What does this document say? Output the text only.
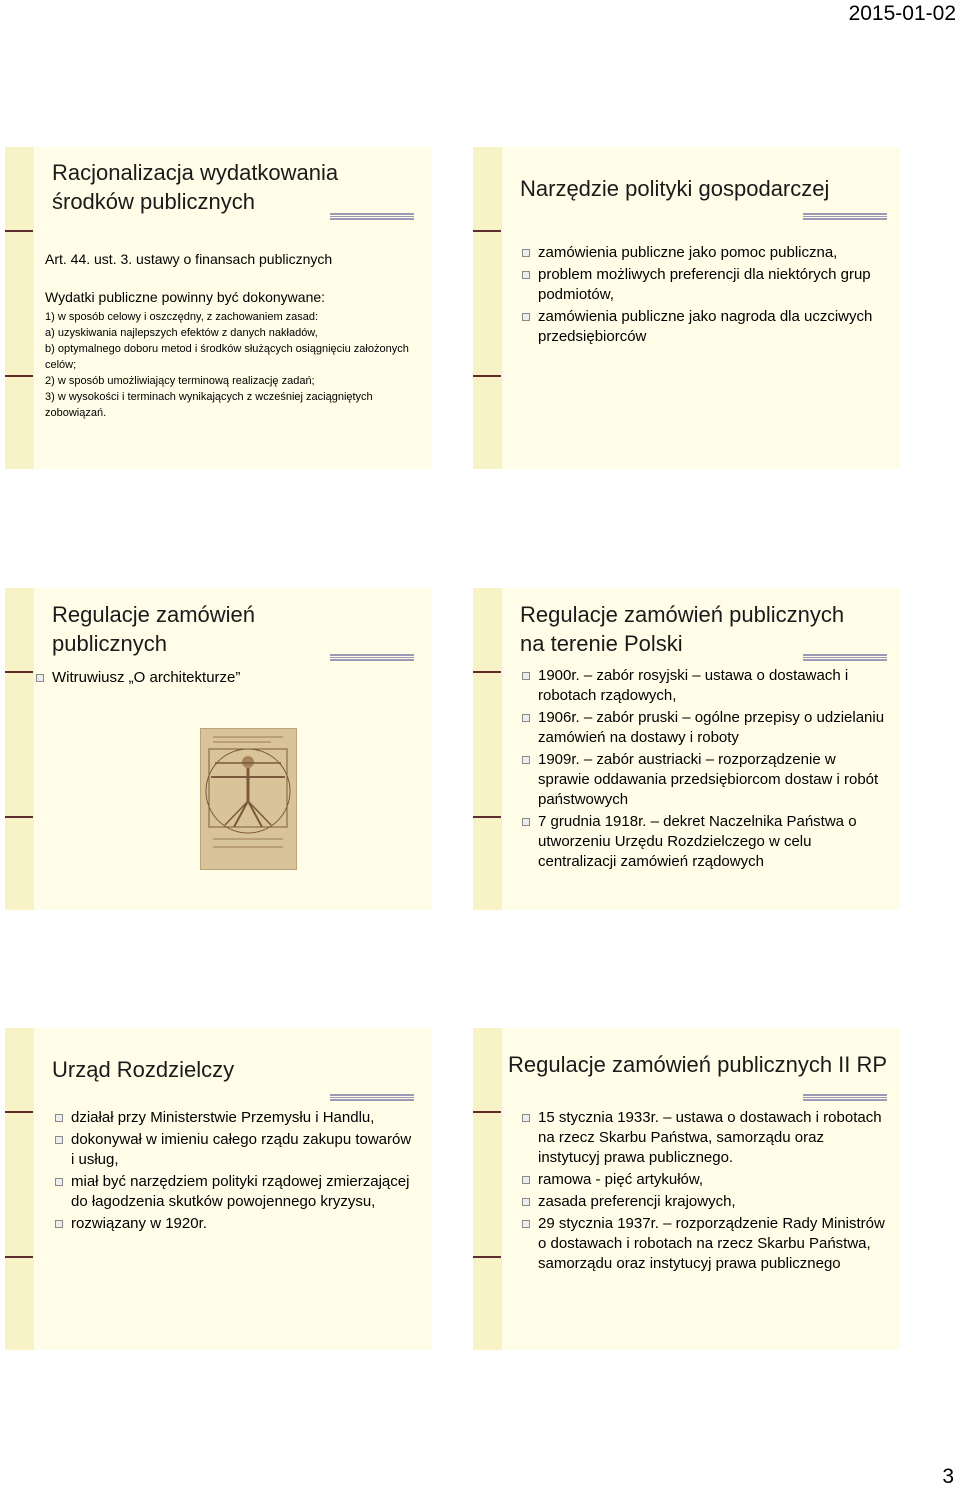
2015-01-02
Racjonalizacja wydatkowania
środków publicznych
Art. 44. ust. 3. ustawy o finansach publicznych
Wydatki publiczne powinny być dokonywane:
1) w sposób celowy i oszczędny, z zachowaniem zasad:
a) uzyskiwania najlepszych efektów z danych nakładów,
b) optymalnego doboru metod i środków służących osiągnięciu założonych celów;
2) w sposób umożliwiający terminową realizację zadań;
3) w wysokości i terminach wynikających z wcześniej zaciągniętych zobowiązań.
Narzędzie polityki gospodarczej
zamówienia publiczne jako pomoc publiczna,
problem możliwych preferencji dla niektórych grup podmiotów,
zamówienia publiczne jako nagroda dla uczciwych przedsiębiorców
Regulacje zamówień
publicznych
Witruwiusz „O architekturze”
Regulacje zamówień publicznych
na terenie Polski
1900r. – zabór rosyjski – ustawa o dostawach i robotach rządowych,
1906r. – zabór pruski – ogólne przepisy o udzielaniu zamówień na dostawy i roboty
1909r. – zabór austriacki – rozporządzenie w sprawie oddawania przedsiębiorcom dostaw i robót państwowych
7 grudnia 1918r. – dekret Naczelnika Państwa o utworzeniu Urzędu Rozdzielczego w celu centralizacji zamówień rządowych
Urząd Rozdzielczy
działał przy Ministerstwie Przemysłu i Handlu,
dokonywał w imieniu całego rządu zakupu towarów i usług,
miał być narzędziem polityki rządowej zmierzającej do łagodzenia skutków powojennego kryzysu,
rozwiązany w 1920r.
Regulacje zamówień publicznych II RP
15 stycznia 1933r. – ustawa o dostawach i robotach na rzecz Skarbu Państwa, samorządu oraz instytucyj prawa publicznego.
ramowa - pięć artykułów,
zasada preferencji krajowych,
29 stycznia 1937r. – rozporządzenie Rady Ministrów o dostawach i robotach na rzecz Skarbu Państwa, samorządu oraz instytucyj prawa publicznego
3
